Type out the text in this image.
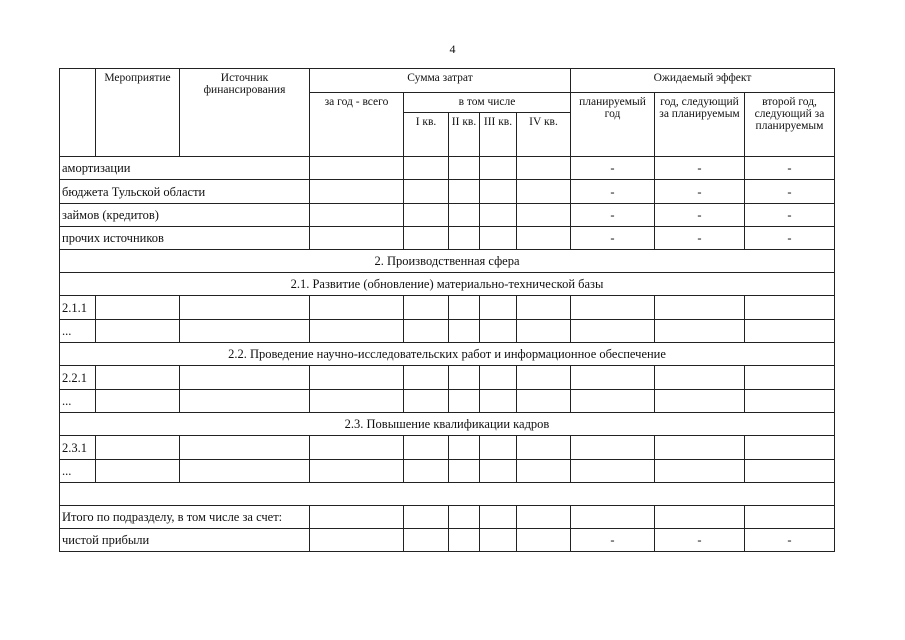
4
	Мероприятие	Источник финансирования	Сумма затрат					Ожидаемый эффект		
			за год - всего	в том числе				планируемый год	год, следующий за планируемым	второй год, следующий за планируемым
				I кв.	II кв.	III кв.	IV кв.			
амортизации								-	-	-
бюджета Тульской области								-	-	-
займов (кредитов)								-	-	-
прочих источников								-	-	-
2. Производственная сфера										
2.1. Развитие (обновление) материально-технической базы										
2.1.1										
...										
2.2. Проведение научно-исследовательских работ и информационное обеспечение										
2.2.1										
...										
2.3. Повышение квалификации кадров										
2.3.1										
...										

Итого по подразделу, в том числе за счет:										
чистой прибыли								-	-	-
